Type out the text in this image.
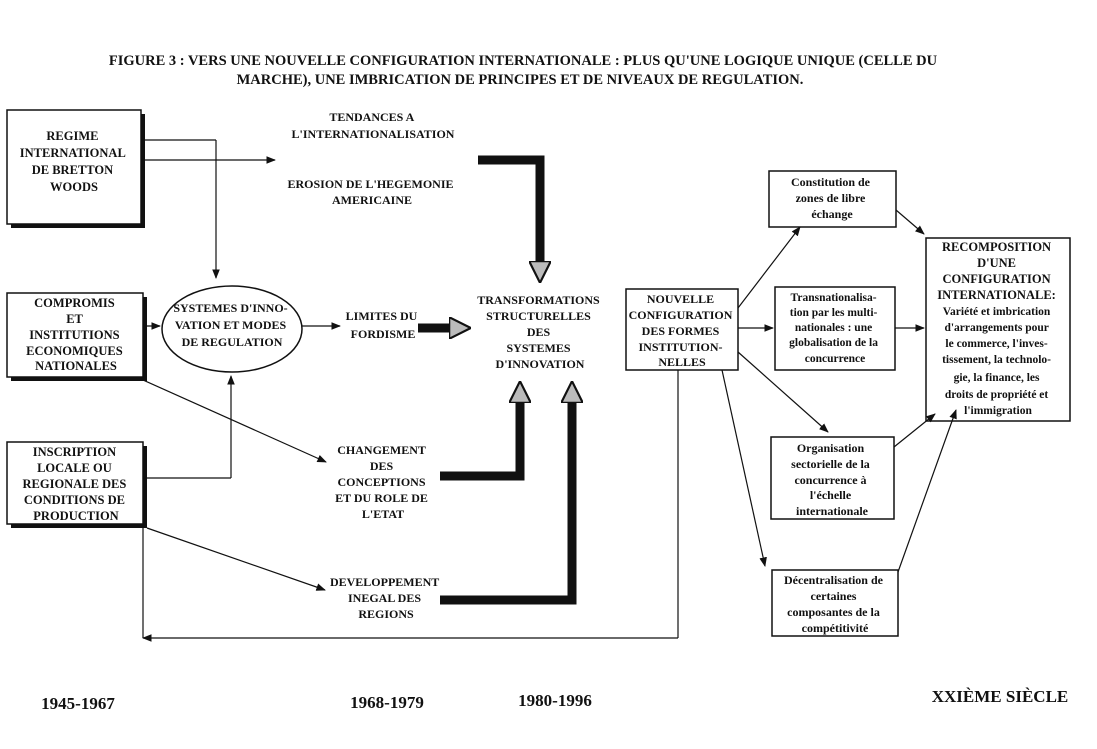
FIGURE 3 : VERS UNE NOUVELLE CONFIGURATION INTERNATIONALE : PLUS QU'UNE LOGIQUE UNIQUE (CELLE DU
MARCHE), UNE IMBRICATION DE PRINCIPES ET DE NIVEAUX DE REGULATION.
REGIME INTERNATIONAL DE BRETTON WOODS
COMPROMIS ET INSTITUTIONS ECONOMIQUES NATIONALES
INSCRIPTION LOCALE OU REGIONALE DES CONDITIONS DE PRODUCTION
SYSTEMES D'INNO- VATION ET MODES DE REGULATION
TENDANCES A L'INTERNATIONALISATION
EROSION DE L'HEGEMONIE AMERICAINE
LIMITES DU FORDISME
CHANGEMENT DES CONCEPTIONS ET DU ROLE DE L'ETAT
DEVELOPPEMENT INEGAL DES REGIONS
TRANSFORMATIONS STRUCTURELLES DES SYSTEMES D'INNOVATION
NOUVELLE CONFIGURATION DES FORMES INSTITUTION- NELLES
Constitution de zones de libre échange
Transnationalisa- tion par les multi- nationales : une globalisation de la concurrence
Organisation sectorielle de la concurrence à l'échelle internationale
Décentralisation de certaines composantes de la compétitivité
RECOMPOSITION D'UNE CONFIGURATION INTERNATIONALE: Variété et imbrication d'arrangements pour le commerce, l'inves- tissement, la technolo- gie, la finance, les droits de propriété et l'immigration
1945-1967	1968-1979	1980-1996	XXIÈME SIÈCLE
